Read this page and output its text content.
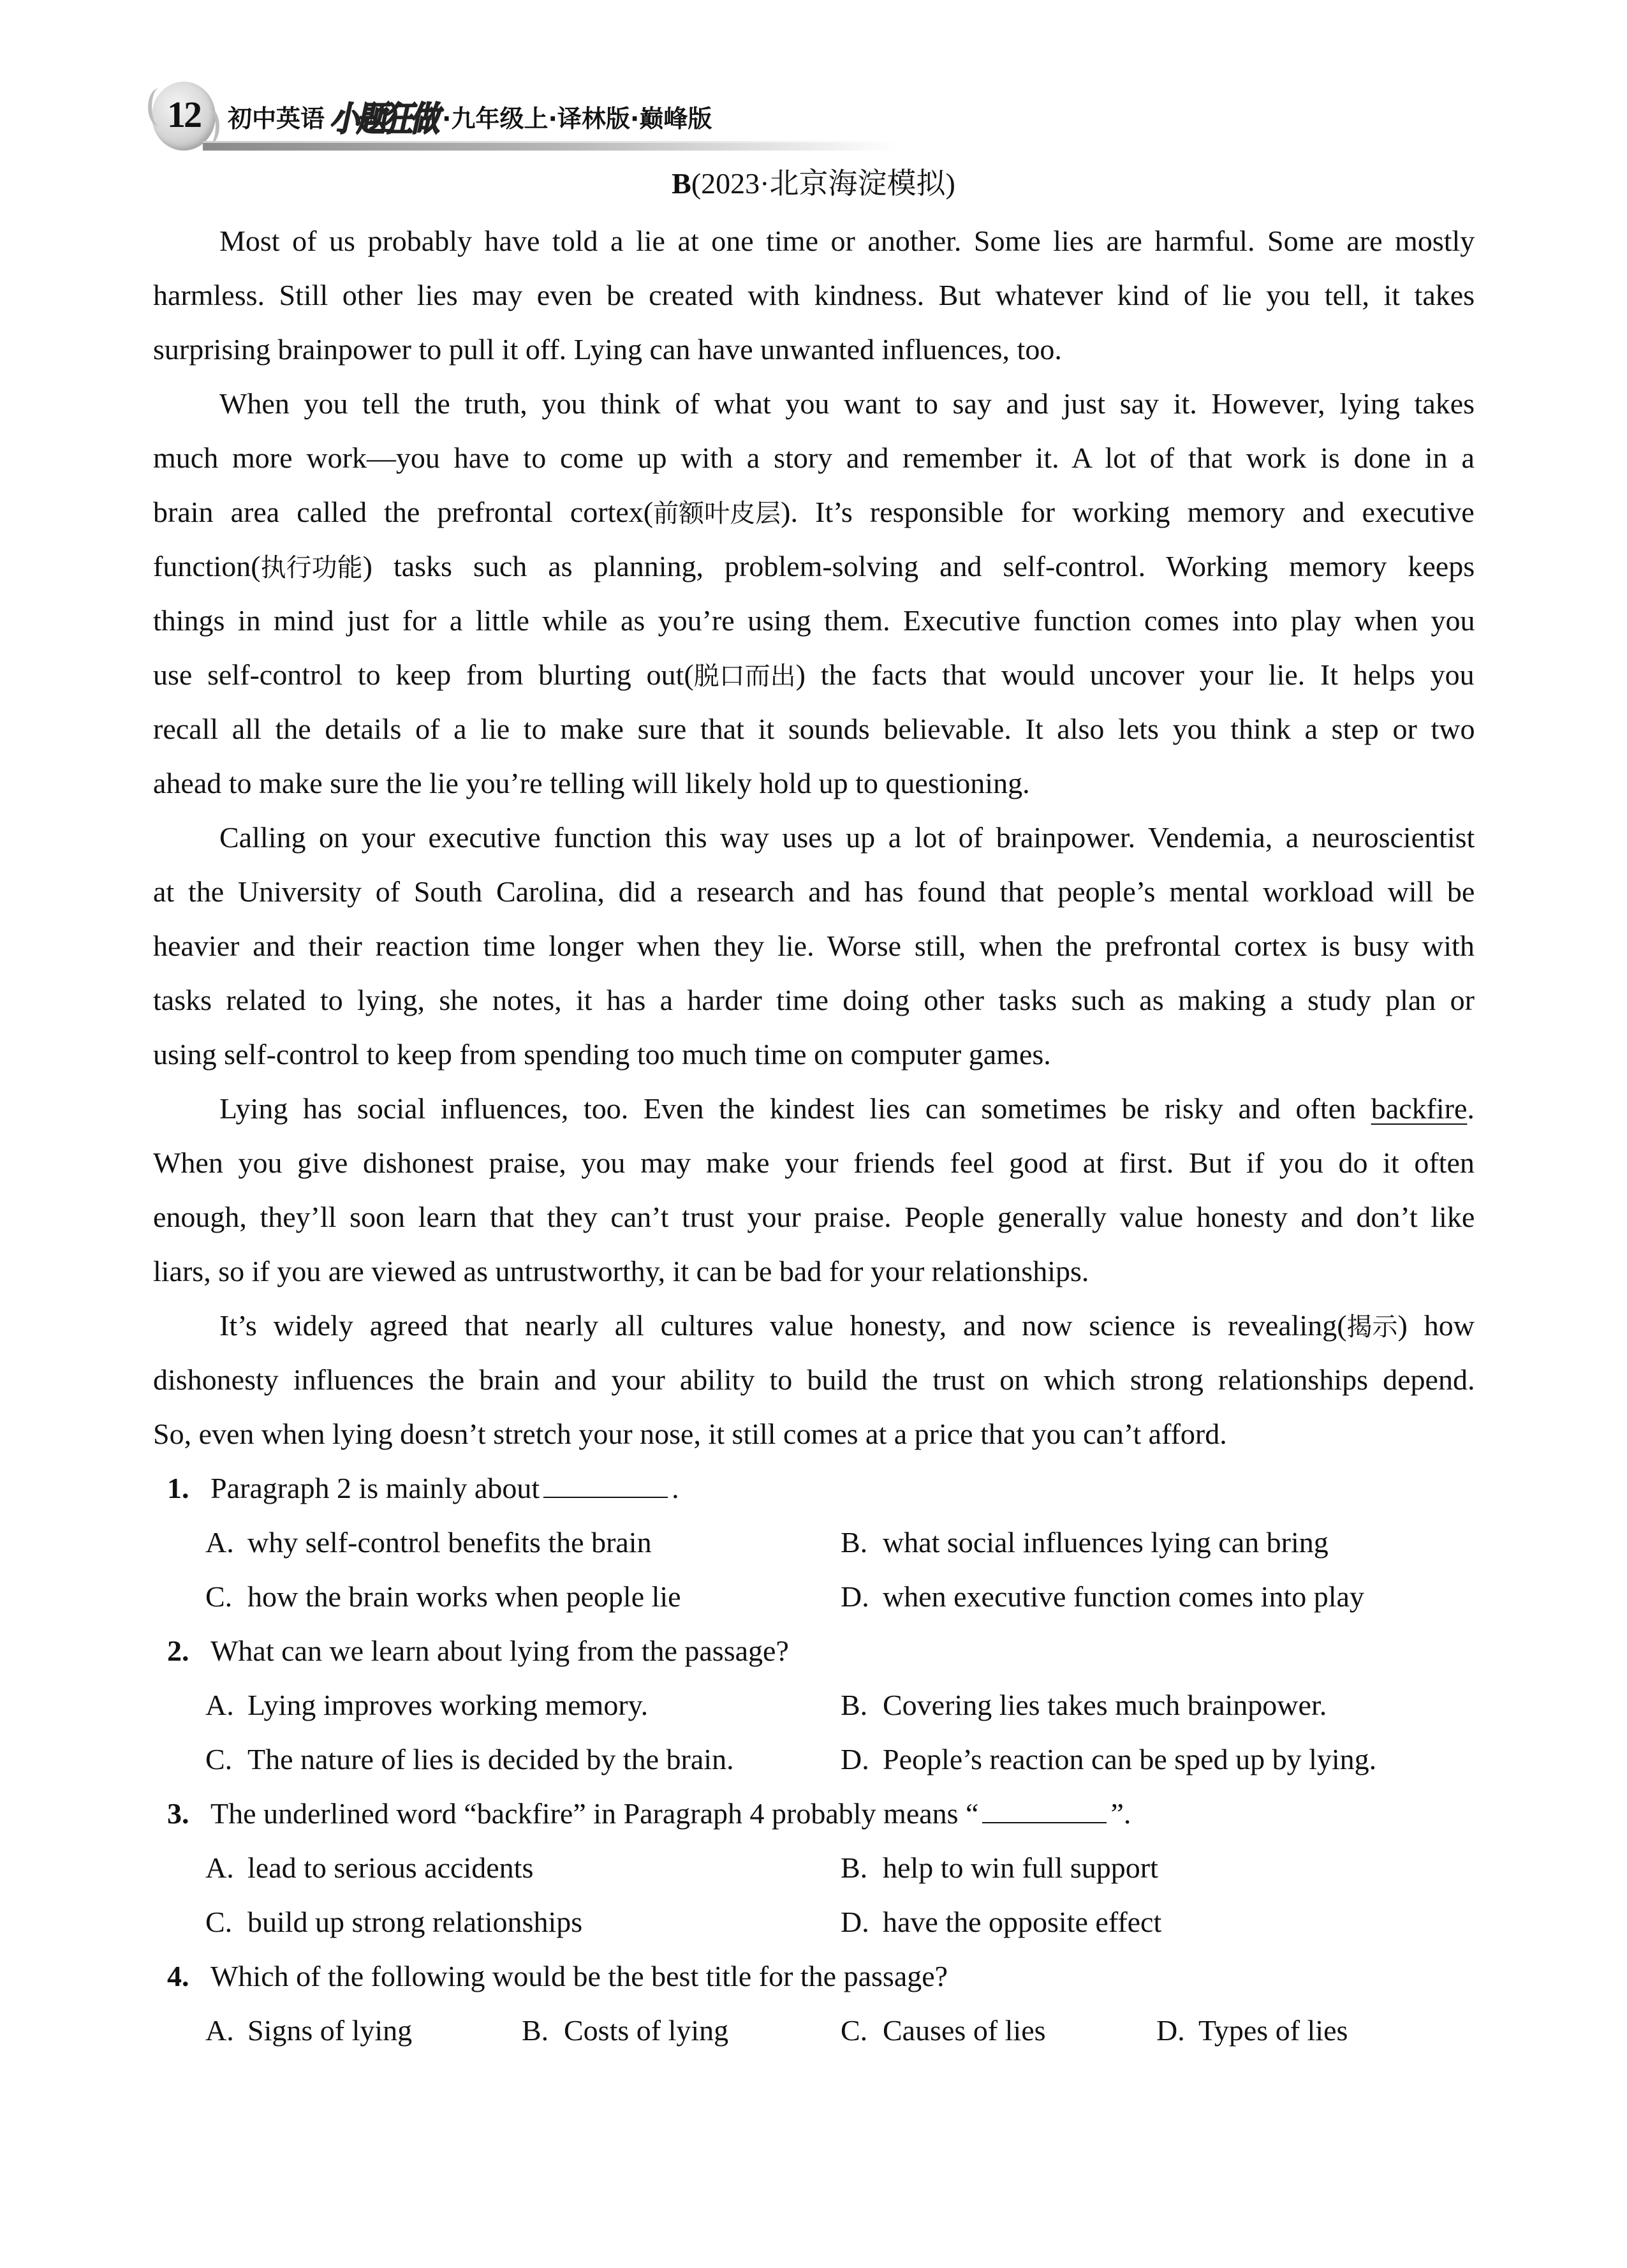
12 初中英语 小题狂做 ·九年级上·译林版·巅峰版
B(2023·北京海淀模拟)
Most of us probably have told a lie at one time or another. Some lies are harmful. Some are mostly
harmless. Still other lies may even be created with kindness. But whatever kind of lie you tell, it takes
surprising brainpower to pull it off. Lying can have unwanted influences, too.
When you tell the truth, you think of what you want to say and just say it. However, lying takes
much more work—you have to come up with a story and remember it. A lot of that work is done in a
brain area called the prefrontal cortex(前额叶皮层). It’s responsible for working memory and executive
function(执行功能) tasks such as planning, problem-solving and self-control. Working memory keeps
things in mind just for a little while as you’re using them. Executive function comes into play when you
use self-control to keep from blurting out(脱口而出) the facts that would uncover your lie. It helps you
recall all the details of a lie to make sure that it sounds believable. It also lets you think a step or two
ahead to make sure the lie you’re telling will likely hold up to questioning.
Calling on your executive function this way uses up a lot of brainpower. Vendemia, a neuroscientist
at the University of South Carolina, did a research and has found that people’s mental workload will be
heavier and their reaction time longer when they lie. Worse still, when the prefrontal cortex is busy with
tasks related to lying, she notes, it has a harder time doing other tasks such as making a study plan or
using self-control to keep from spending too much time on computer games.
Lying has social influences, too. Even the kindest lies can sometimes be risky and often backfire.
When you give dishonest praise, you may make your friends feel good at first. But if you do it often
enough, they’ll soon learn that they can’t trust your praise. People generally value honesty and don’t like
liars, so if you are viewed as untrustworthy, it can be bad for your relationships.
It’s widely agreed that nearly all cultures value honesty, and now science is revealing(揭示) how
dishonesty influences the brain and your ability to build the trust on which strong relationships depend.
So, even when lying doesn’t stretch your nose, it still comes at a price that you can’t afford.
1. Paragraph 2 is mainly about	.
A. why self-control benefits the brain	B. what social influences lying can bring
C. how the brain works when people lie	D. when executive function comes into play
2. What can we learn about lying from the passage?
A. Lying improves working memory.	B. Covering lies takes much brainpower.
C. The nature of lies is decided by the brain.	D. People’s reaction can be sped up by lying.
3. The underlined word “backfire” in Paragraph 4 probably means “	”.
A. lead to serious accidents	B. help to win full support
C. build up strong relationships	D. have the opposite effect
4. Which of the following would be the best title for the passage?
A. Signs of lying	B. Costs of lying	C. Causes of lies	D. Types of lies
